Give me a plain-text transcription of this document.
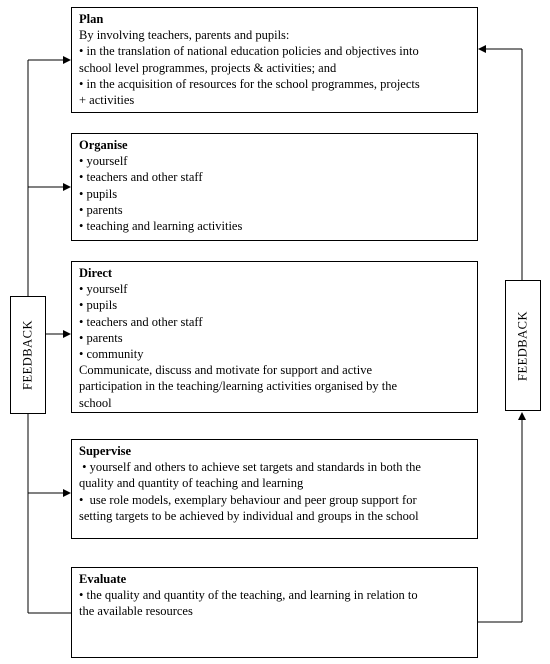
FEEDBACK	FEEDBACK
Plan
By involving teachers, parents and pupils:
• in the translation of national education policies and objectives into
school level programmes, projects & activities; and
• in the acquisition of resources for the school programmes, projects
+ activities
Organise
• yourself
• teachers and other staff
• pupils
• parents
• teaching and learning activities
Direct
• yourself
• pupils
• teachers and other staff
• parents
• community
Communicate, discuss and motivate for support and active
participation in the teaching/learning activities organised by the
school
Supervise
• yourself and others to achieve set targets and standards in both the
quality and quantity of teaching and learning
•  use role models, exemplary behaviour and peer group support for
setting targets to be achieved by individual and groups in the school
Evaluate
• the quality and quantity of the teaching, and learning in relation to
the available resources
